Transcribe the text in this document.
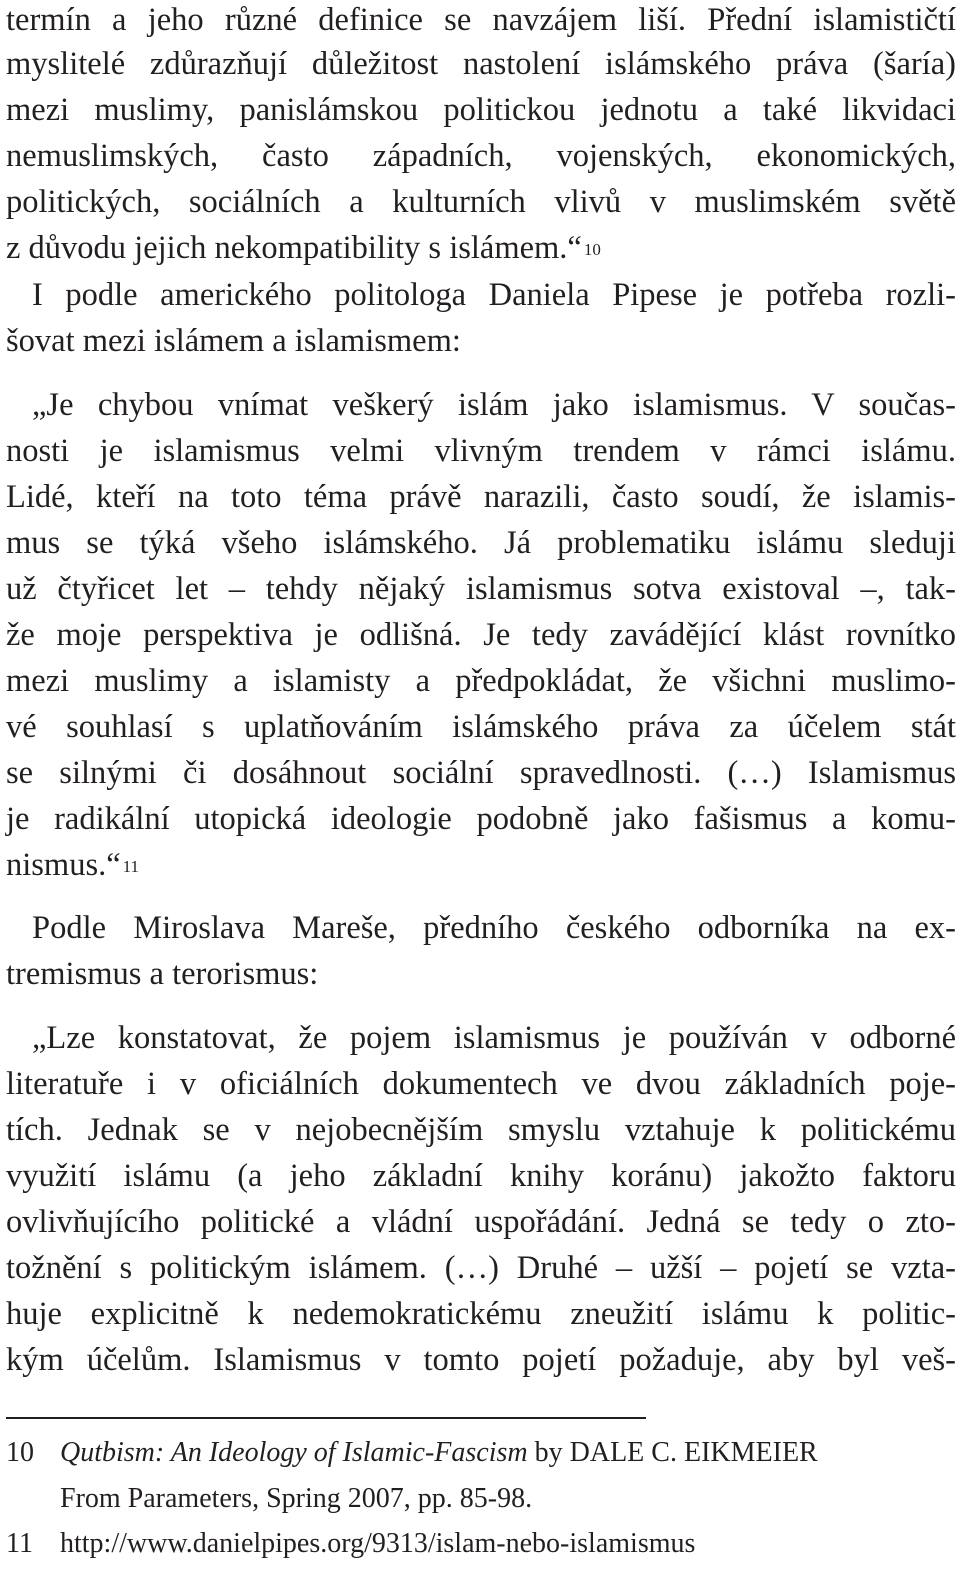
termín a jeho různé definice se navzájem liší. Přední islamističtí
myslitelé zdůrazňují důležitost nastolení islámského práva (šaría)
mezi muslimy, panislámskou politickou jednotu a také likvidaci
nemuslimských, často západních, vojenských, ekonomických,
politických, sociálních a kulturních vlivů v muslimském světě
z důvodu jejich nekompatibility s islámem.“ $^{10}$
I podle amerického politologa Daniela Pipese je potřeba rozli-
šovat mezi islámem a islamismem:
„Je chybou vnímat veškerý islám jako islamismus. V součas-
nosti je islamismus velmi vlivným trendem v rámci islámu.
Lidé, kteří na toto téma právě narazili, často soudí, že islamis-
mus se týká všeho islámského. Já problematiku islámu sleduji
už čtyřicet let – tehdy nějaký islamismus sotva existoval –, tak-
že moje perspektiva je odlišná. Je tedy zavádějící klást rovnítko
mezi muslimy a islamisty a předpokládat, že všichni muslimo-
vé souhlasí s uplatňováním islámského práva za účelem stát
se silnými či dosáhnout sociální spravedlnosti. (…) Islamismus
je radikální utopická ideologie podobně jako fašismus a komu-
nismus.“ $^{11}$
Podle Miroslava Mareše, předního českého odborníka na ex-
tremismus a terorismus:
„Lze konstatovat, že pojem islamismus je používán v odborné
literatuře i v oficiálních dokumentech ve dvou základních poje-
tích. Jednak se v nejobecnějším smyslu vztahuje k politickému
využití islámu (a jeho základní knihy koránu) jakožto faktoru
ovlivňujícího politické a vládní uspořádání. Jedná se tedy o zto-
tožnění s politickým islámem. (…) Druhé – užší – pojetí se vzta-
huje explicitně k nedemokratickému zneužití islámu k politic-
kým účelům. Islamismus v tomto pojetí požaduje, aby byl veš-
10 Qutbism: An Ideology of Islamic-Fascism by DALE C. EIKMEIER
From Parameters, Spring 2007, pp. 85-98.
11 http://www.danielpipes.org/9313/islam-nebo-islamismus
